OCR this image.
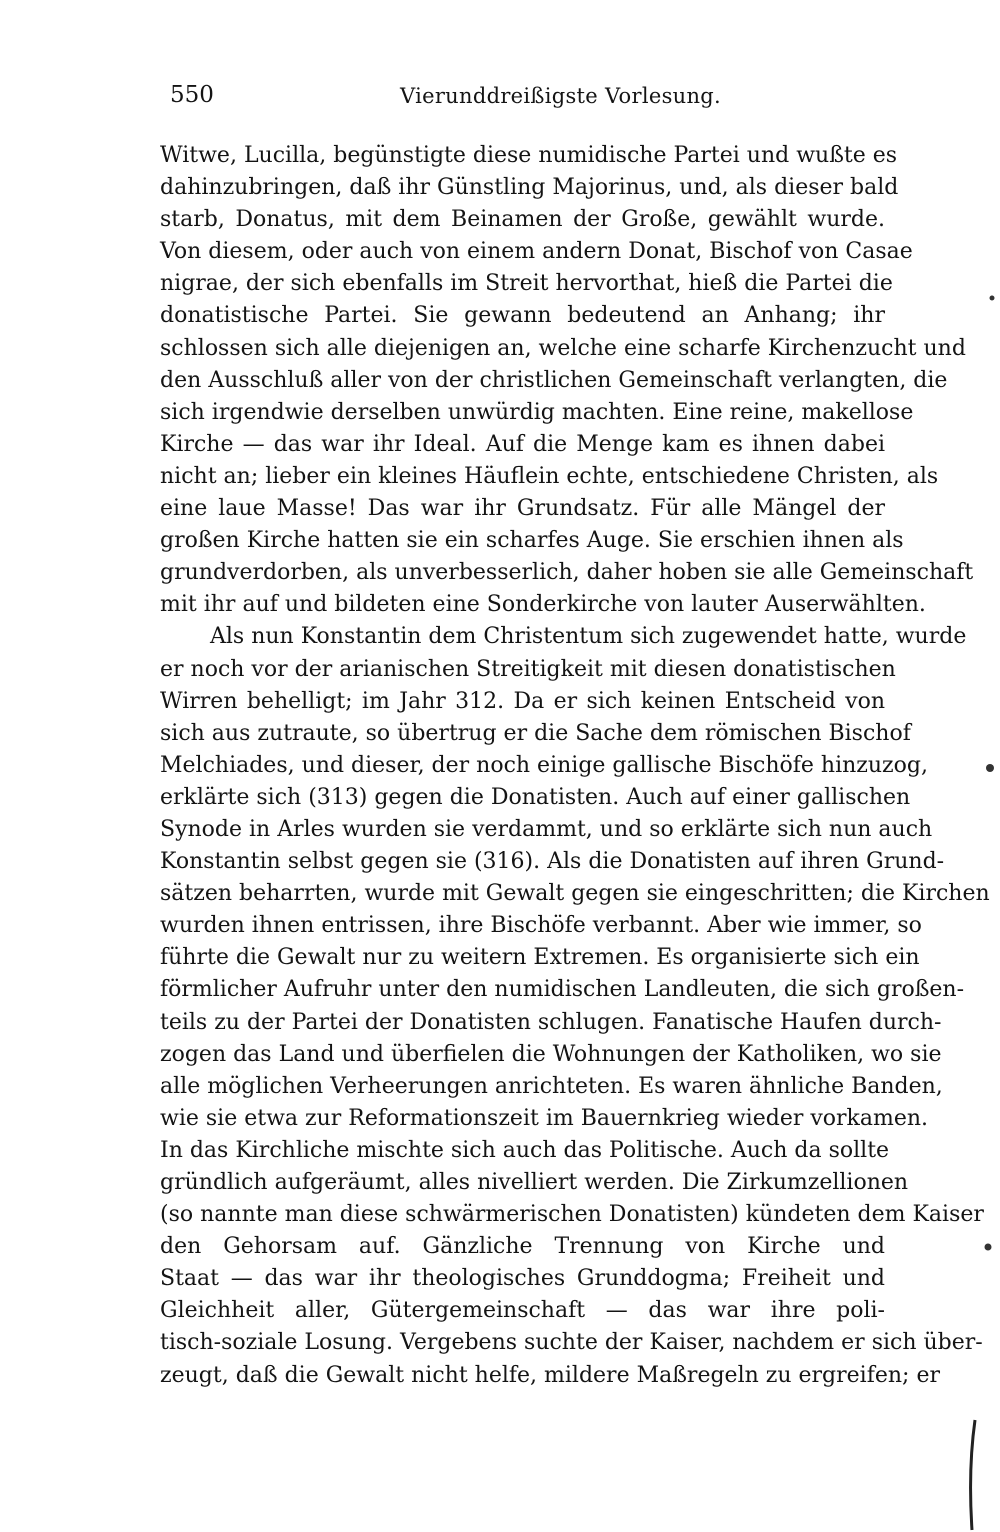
550	Vierunddreißigste Vorlesung.
Witwe, Lucilla, begünstigte diese numidische Partei und wußte es
dahinzubringen, daß ihr Günstling Majorinus, und, als dieser bald
starb, Donatus, mit dem Beinamen der Große, gewählt wurde.
Von diesem, oder auch von einem andern Donat, Bischof von Casae
nigrae, der sich ebenfalls im Streit hervorthat, hieß die Partei die
donatistische Partei. Sie gewann bedeutend an Anhang; ihr
schlossen sich alle diejenigen an, welche eine scharfe Kirchenzucht und
den Ausschluß aller von der christlichen Gemeinschaft verlangten, die
sich irgendwie derselben unwürdig machten. Eine reine, makellose
Kirche — das war ihr Ideal. Auf die Menge kam es ihnen dabei
nicht an; lieber ein kleines Häuflein echte, entschiedene Christen, als
eine laue Masse! Das war ihr Grundsatz. Für alle Mängel der
großen Kirche hatten sie ein scharfes Auge. Sie erschien ihnen als
grundverdorben, als unverbesserlich, daher hoben sie alle Gemeinschaft
mit ihr auf und bildeten eine Sonderkirche von lauter Auserwählten.
Als nun Konstantin dem Christentum sich zugewendet hatte, wurde
er noch vor der arianischen Streitigkeit mit diesen donatistischen
Wirren behelligt; im Jahr 312. Da er sich keinen Entscheid von
sich aus zutraute, so übertrug er die Sache dem römischen Bischof
Melchiades, und dieser, der noch einige gallische Bischöfe hinzuzog,
erklärte sich (313) gegen die Donatisten. Auch auf einer gallischen
Synode in Arles wurden sie verdammt, und so erklärte sich nun auch
Konstantin selbst gegen sie (316). Als die Donatisten auf ihren Grund-
sätzen beharrten, wurde mit Gewalt gegen sie eingeschritten; die Kirchen
wurden ihnen entrissen, ihre Bischöfe verbannt. Aber wie immer, so
führte die Gewalt nur zu weitern Extremen. Es organisierte sich ein
förmlicher Aufruhr unter den numidischen Landleuten, die sich großen-
teils zu der Partei der Donatisten schlugen. Fanatische Haufen durch-
zogen das Land und überfielen die Wohnungen der Katholiken, wo sie
alle möglichen Verheerungen anrichteten. Es waren ähnliche Banden,
wie sie etwa zur Reformationszeit im Bauernkrieg wieder vorkamen.
In das Kirchliche mischte sich auch das Politische. Auch da sollte
gründlich aufgeräumt, alles nivelliert werden. Die Zirkumzellionen
(so nannte man diese schwärmerischen Donatisten) kündeten dem Kaiser
den Gehorsam auf. Gänzliche Trennung von Kirche und
Staat — das war ihr theologisches Grunddogma; Freiheit und
Gleichheit aller, Gütergemeinschaft — das war ihre poli-
tisch-soziale Losung. Vergebens suchte der Kaiser, nachdem er sich über-
zeugt, daß die Gewalt nicht helfe, mildere Maßregeln zu ergreifen; er
